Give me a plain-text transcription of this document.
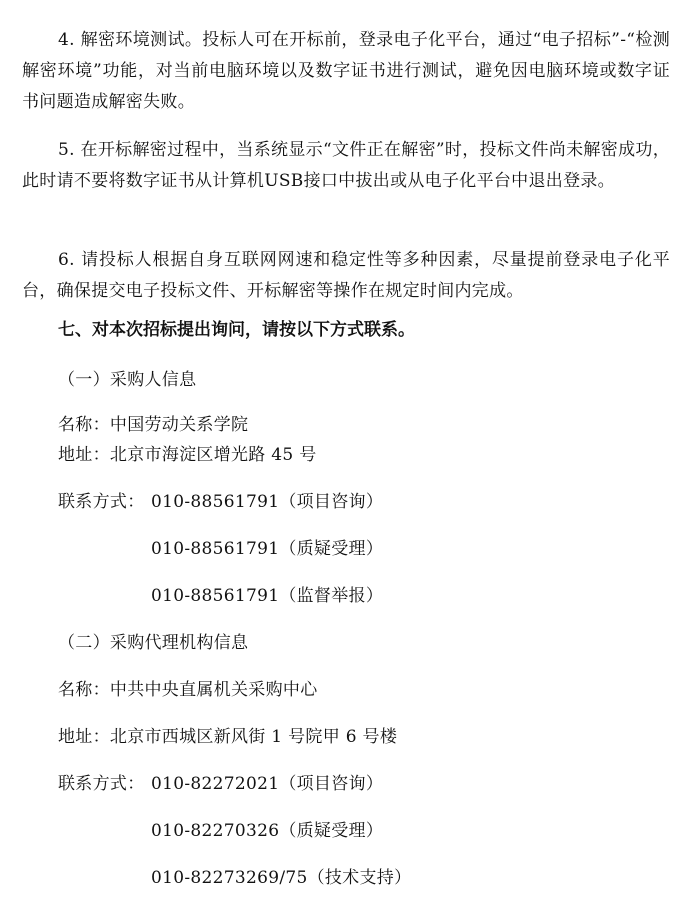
4. 解密环境测试。投标人可在开标前，登录电子化平台，通过“电子招标”-“检测解密环境”功能，对当前电脑环境以及数字证书进行测试，避免因电脑环境或数字证书问题造成解密失败。

5. 在开标解密过程中，当系统显示“文件正在解密”时，投标文件尚未解密成功，此时请不要将数字证书从计算机USB接口中拔出或从电子化平台中退出登录。

6. 请投标人根据自身互联网网速和稳定性等多种因素，尽量提前登录电子化平台，确保提交电子投标文件、开标解密等操作在规定时间内完成。

七、对本次招标提出询问，请按以下方式联系。
（一）采购人信息
名称：中国劳动关系学院
地址：北京市海淀区增光路 45 号
联系方式： 010-88561791（项目咨询）
010-88561791（质疑受理）
010-88561791（监督举报）
（二）采购代理机构信息
名称：中共中央直属机关采购中心
地址：北京市西城区新风街 1 号院甲 6 号楼
联系方式： 010-82272021（项目咨询）
010-82270326（质疑受理）
010-82273269/75（技术支持）
